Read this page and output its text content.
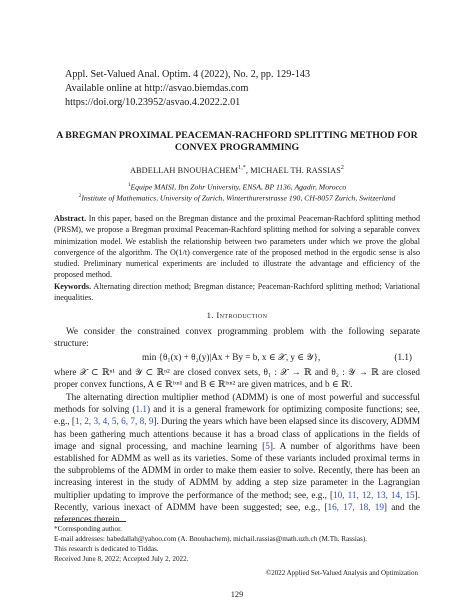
Appl. Set-Valued Anal. Optim. 4 (2022), No. 2, pp. 129-143
Available online at http://asvao.biemdas.com
https://doi.org/10.23952/asvao.4.2022.2.01
A BREGMAN PROXIMAL PEACEMAN-RACHFORD SPLITTING METHOD FOR
CONVEX PROGRAMMING
ABDELLAH $BNOUHACHEM^{1,*}$, MICHAEL TH. RASSIAS$^2$
$^1$Equipe MAISI, Ibn Zohr University, ENSA, BP 1136, Agadir, Morocco
$^2$Institute of Mathematics, University of Zurich, Winterthurerstrasse 190, CH-8057 Zurich, Switzerland
Abstract. In this paper, based on the Bregman distance and the proximal Peaceman-Rachford splitting method (PRSM), we propose a Bregman proximal Peaceman-Rachford splitting method for solving a separable convex minimization model. We establish the relationship between two parameters under which we prove the global convergence of the algorithm. The O(1/t) convergence rate of the proposed method in the ergodic sense is also studied. Preliminary numerical experiments are included to illustrate the advantage and efficiency of the proposed method.
Keywords. Alternating direction method; Bregman distance; Peaceman-Rachford splitting method; Variational inequalities.
1. Introduction
We consider the constrained convex programming problem with the following separate structure:
min {θ₁(x) + θ₂(y)|Ax + By = b, x ∈ 𝒳, y ∈ 𝒴},	(1.1)
where 𝒳 ⊂ ℝⁿ¹ and 𝒴 ⊂ ℝⁿ² are closed convex sets, θ₁ : 𝒳 → ℝ and θ₂ : 𝒴 → ℝ are closed proper convex functions, A ∈ ℝˡˣⁿ¹ and B ∈ ℝˡˣⁿ² are given matrices, and b ∈ ℝˡ.
The alternating direction multiplier method (ADMM) is one of most powerful and successful methods for solving (1.1) and it is a general framework for optimizing composite functions; see, e.g., [1, 2, 3, 4, 5, 6, 7, 8, 9]. During the years which have been elapsed since its discovery, ADMM has been gathering much attentions because it has a broad class of applications in the fields of image and signal processing, and machine learning [5]. A number of algorithms have been established for ADMM as well as its varieties. Some of these variants included proximal terms in the subproblems of the ADMM in order to make them easier to solve. Recently, there has been an increasing interest in the study of ADMM by adding a step size parameter in the Lagrangian multiplier updating to improve the performance of the method; see, e.g., [10, 11, 12, 13, 14, 15]. Recently, various inexact of ADMM have been suggested; see, e.g., [16, 17, 18, 19] and the references therein.
*Corresponding author.
E-mail addresses: babedallah@yahoo.com (A. Bnouhachem), michail.rassias@math.uzh.ch (M.Th. Rassias).
This research is dedicated to Tiddas.
Received June 8, 2022; Accepted July 2, 2022.
©2022 Applied Set-Valued Analysis and Optimization
129
